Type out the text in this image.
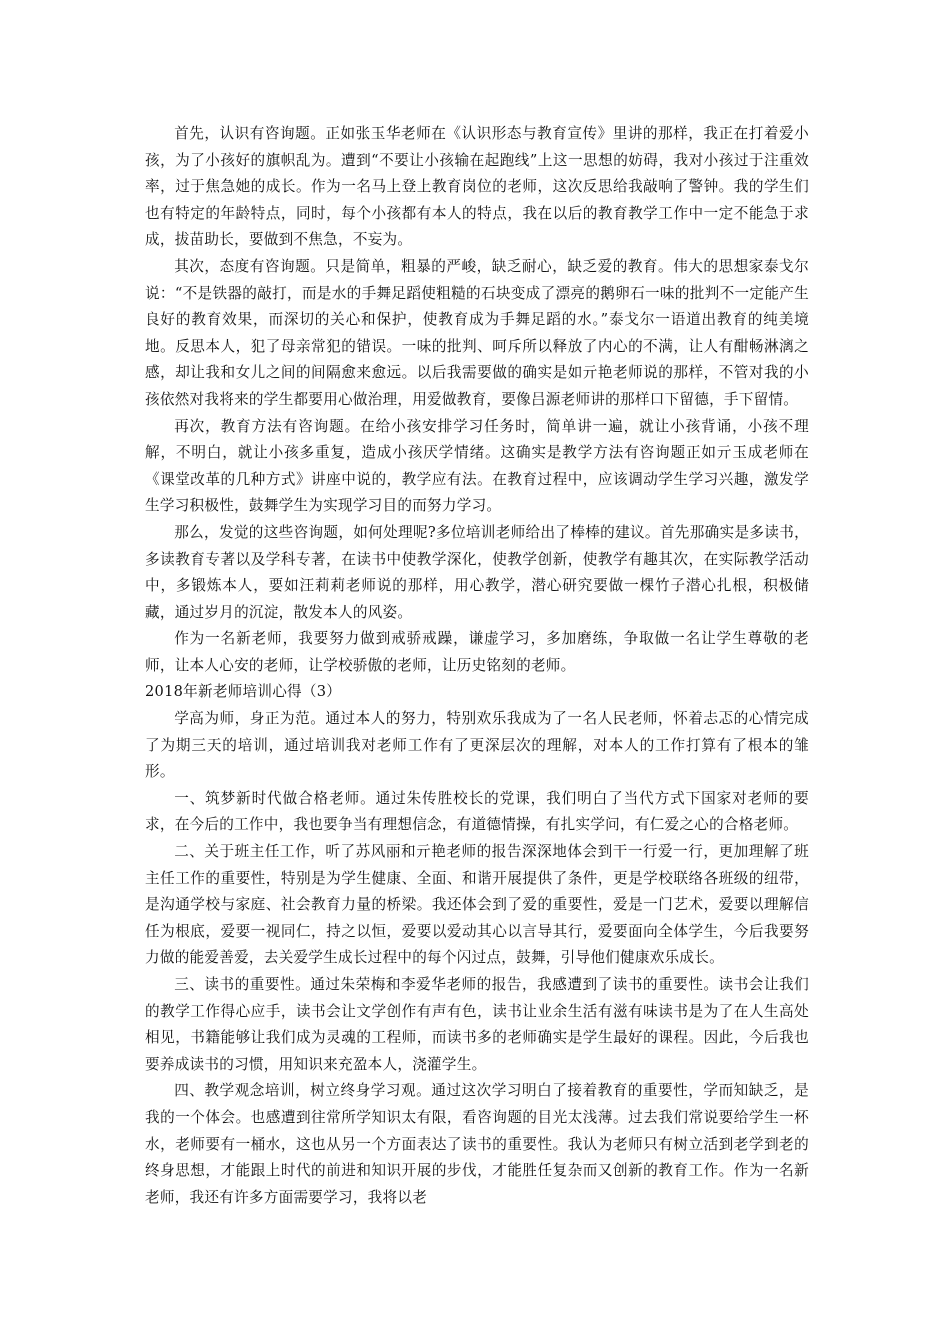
首先，认识有咨询题。正如张玉华老师在《认识形态与教育宣传》里讲的那样，我正在打着爱小孩，为了小孩好的旗帜乱为。遭到“不要让小孩输在起跑线”上这一思想的妨碍，我对小孩过于注重效率，过于焦急她的成长。作为一名马上登上教育岗位的老师，这次反思给我敲响了警钟。我的学生们也有特定的年龄特点，同时，每个小孩都有本人的特点，我在以后的教育教学工作中一定不能急于求成，拔苗助长，要做到不焦急，不妄为。

其次，态度有咨询题。只是简单，粗暴的严峻，缺乏耐心，缺乏爱的教育。伟大的思想家泰戈尔说：“不是铁器的敲打，而是水的手舞足蹈使粗糙的石块变成了漂亮的鹅卵石一味的批判不一定能产生良好的教育效果，而深切的关心和保护，使教育成为手舞足蹈的水。”泰戈尔一语道出教育的纯美境地。反思本人，犯了母亲常犯的错误。一味的批判、呵斥所以释放了内心的不满，让人有酣畅淋漓之感，却让我和女儿之间的间隔愈来愈远。以后我需要做的确实是如亓艳老师说的那样，不管对我的小孩依然对我将来的学生都要用心做治理，用爱做教育，要像吕源老师讲的那样口下留德，手下留情。

再次，教育方法有咨询题。在给小孩安排学习任务时，简单讲一遍，就让小孩背诵，小孩不理解，不明白，就让小孩多重复，造成小孩厌学情绪。这确实是教学方法有咨询题正如亓玉成老师在《课堂改革的几种方式》讲座中说的，教学应有法。在教育过程中，应该调动学生学习兴趣，激发学生学习积极性，鼓舞学生为实现学习目的而努力学习。

那么，发觉的这些咨询题，如何处理呢?多位培训老师给出了棒棒的建议。首先那确实是多读书，多读教育专著以及学科专著，在读书中使教学深化，使教学创新，使教学有趣其次，在实际教学活动中，多锻炼本人，要如汪莉莉老师说的那样，用心教学，潜心研究要做一棵竹子潜心扎根，积极储藏，通过岁月的沉淀，散发本人的风姿。

作为一名新老师，我要努力做到戒骄戒躁，谦虚学习，多加磨练，争取做一名让学生尊敬的老师，让本人心安的老师，让学校骄傲的老师，让历史铭刻的老师。

2018年新老师培训心得（3）

学高为师，身正为范。通过本人的努力，特别欢乐我成为了一名人民老师，怀着忐忑的心情完成了为期三天的培训，通过培训我对老师工作有了更深层次的理解，对本人的工作打算有了根本的雏形。

一、筑梦新时代做合格老师。通过朱传胜校长的党课，我们明白了当代方式下国家对老师的要求，在今后的工作中，我也要争当有理想信念，有道德情操，有扎实学问，有仁爱之心的合格老师。

二、关于班主任工作，听了苏风丽和亓艳老师的报告深深地体会到干一行爱一行，更加理解了班主任工作的重要性，特别是为学生健康、全面、和谐开展提供了条件，更是学校联络各班级的纽带，是沟通学校与家庭、社会教育力量的桥梁。我还体会到了爱的重要性，爱是一门艺术，爱要以理解信任为根底，爱要一视同仁，持之以恒，爱要以爱动其心以言导其行，爱要面向全体学生，今后我要努力做的能爱善爱，去关爱学生成长过程中的每个闪过点，鼓舞，引导他们健康欢乐成长。

三、读书的重要性。通过朱荣梅和李爱华老师的报告，我感遭到了读书的重要性。读书会让我们的教学工作得心应手，读书会让文学创作有声有色，读书让业余生活有滋有味读书是为了在人生高处相见，书籍能够让我们成为灵魂的工程师，而读书多的老师确实是学生最好的课程。因此，今后我也要养成读书的习惯，用知识来充盈本人，浇灌学生。

四、教学观念培训，树立终身学习观。通过这次学习明白了接着教育的重要性，学而知缺乏，是我的一个体会。也感遭到往常所学知识太有限，看咨询题的目光太浅薄。过去我们常说要给学生一杯水，老师要有一桶水，这也从另一个方面表达了读书的重要性。我认为老师只有树立活到老学到老的终身思想，才能跟上时代的前进和知识开展的步伐，才能胜任复杂而又创新的教育工作。作为一名新老师，我还有许多方面需要学习，我将以老
